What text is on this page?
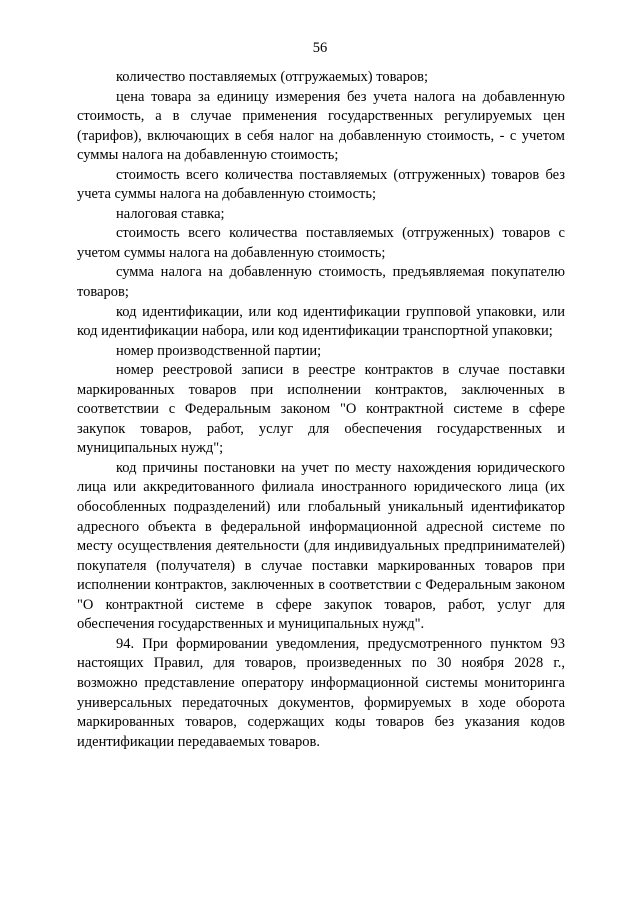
56

количество поставляемых (отгружаемых) товаров;

цена товара за единицу измерения без учета налога на добавленную стоимость, а в случае применения государственных регулируемых цен (тарифов), включающих в себя налог на добавленную стоимость, - с учетом суммы налога на добавленную стоимость;

стоимость всего количества поставляемых (отгруженных) товаров без учета суммы налога на добавленную стоимость;

налоговая ставка;

стоимость всего количества поставляемых (отгруженных) товаров с учетом суммы налога на добавленную стоимость;

сумма налога на добавленную стоимость, предъявляемая покупателю товаров;

код идентификации, или код идентификации групповой упаковки, или код идентификации набора, или код идентификации транспортной упаковки;

номер производственной партии;

номер реестровой записи в реестре контрактов в случае поставки маркированных товаров при исполнении контрактов, заключенных в соответствии с Федеральным законом "О контрактной системе в сфере закупок товаров, работ, услуг для обеспечения государственных и муниципальных нужд";

код причины постановки на учет по месту нахождения юридического лица или аккредитованного филиала иностранного юридического лица (их обособленных подразделений) или глобальный уникальный идентификатор адресного объекта в федеральной информационной адресной системе по месту осуществления деятельности (для индивидуальных предпринимателей) покупателя (получателя) в случае поставки маркированных товаров при исполнении контрактов, заключенных в соответствии с Федеральным законом "О контрактной системе в сфере закупок товаров, работ, услуг для обеспечения государственных и муниципальных нужд".

94. При формировании уведомления, предусмотренного пунктом 93 настоящих Правил, для товаров, произведенных по 30 ноября 2028 г., возможно представление оператору информационной системы мониторинга универсальных передаточных документов, формируемых в ходе оборота маркированных товаров, содержащих коды товаров без указания кодов идентификации передаваемых товаров.
